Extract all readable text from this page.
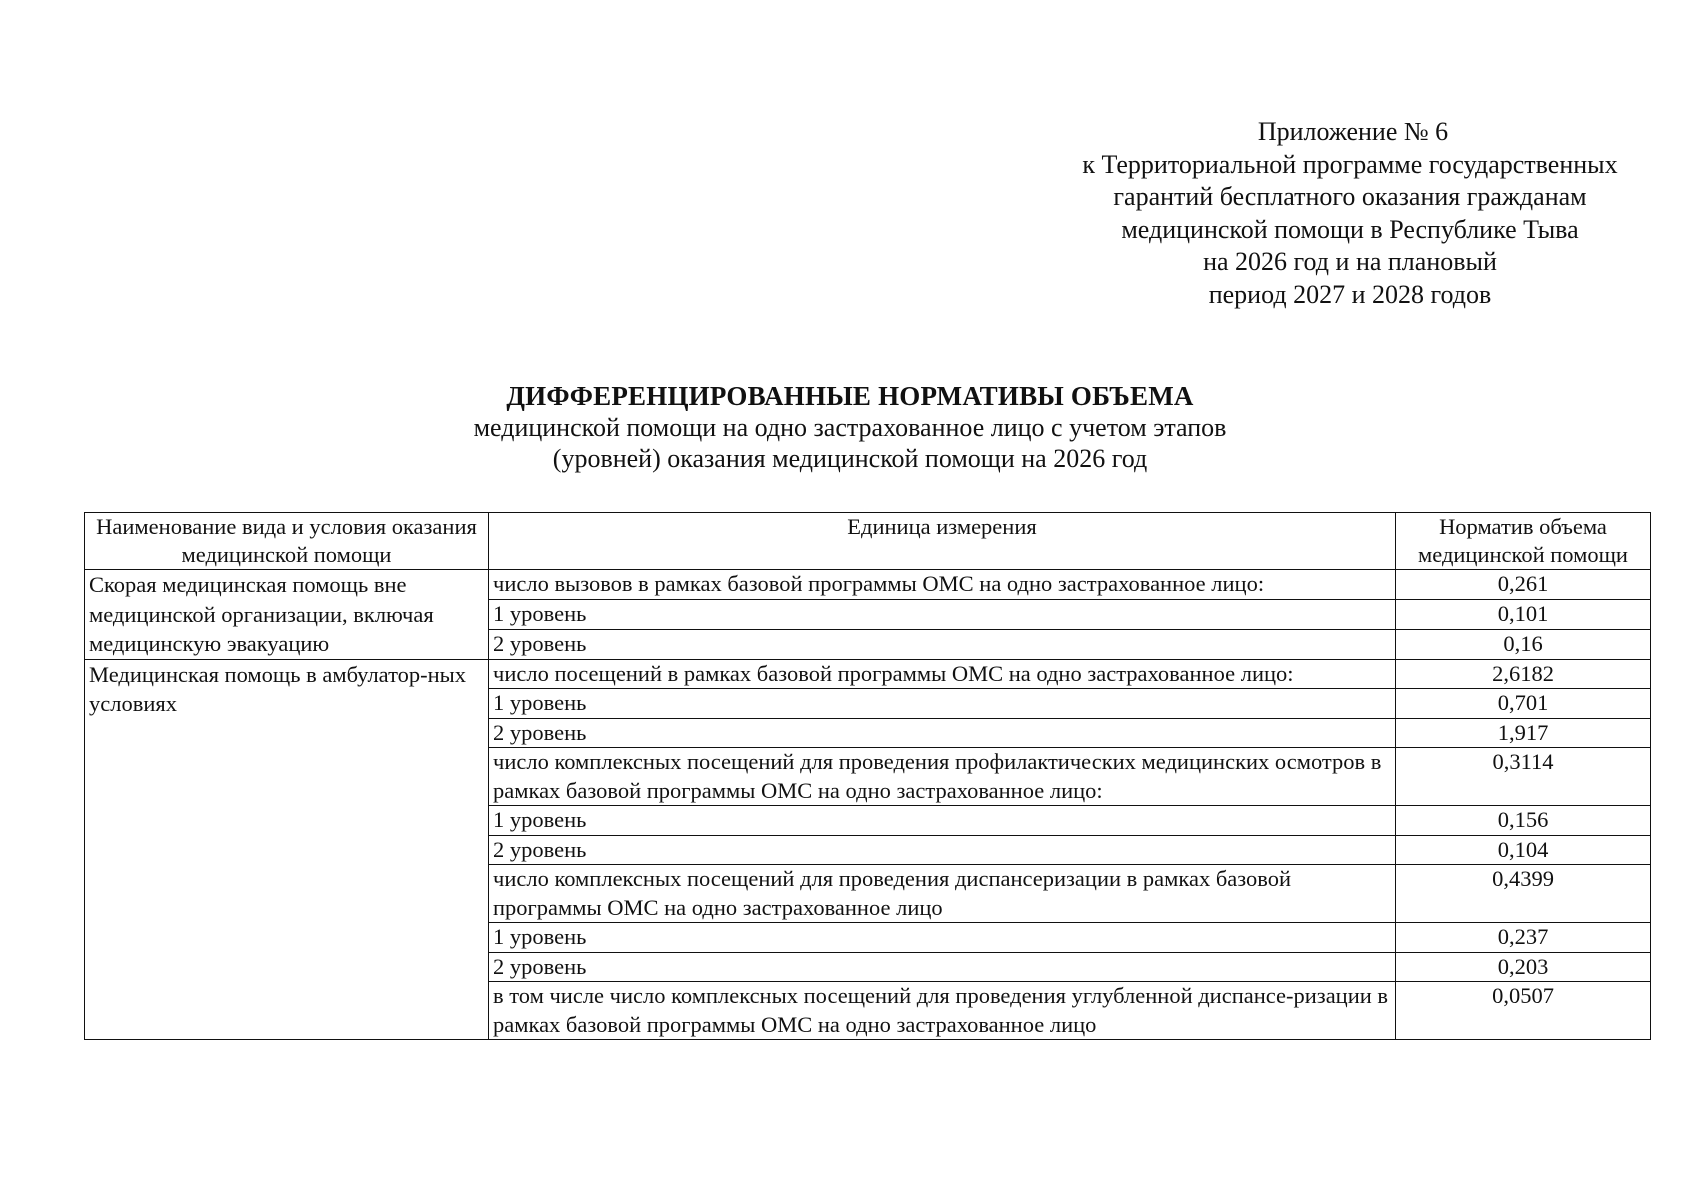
Приложение № 6
к Территориальной программе государственных
гарантий бесплатного оказания гражданам
медицинской помощи в Республике Тыва
на 2026 год и на плановый
период 2027 и 2028 годов
ДИФФЕРЕНЦИРОВАННЫЕ НОРМАТИВЫ ОБЪЕМА
медицинской помощи на одно застрахованное лицо с учетом этапов
(уровней) оказания медицинской помощи на 2026 год
Наименование вида и условия оказания медицинской помощи	Единица измерения	Норматив объема медицинской помощи
Скорая медицинская помощь вне медицинской организации, включая медицинскую эвакуацию	число вызовов в рамках базовой программы ОМС на одно застрахованное лицо:	0,261
	1 уровень	0,101
	2 уровень	0,16
Медицинская помощь в амбулатор-ных условиях	число посещений в рамках базовой программы ОМС на одно застрахованное лицо:	2,6182
	1 уровень	0,701
	2 уровень	1,917
	число комплексных посещений для проведения профилактических медицинских осмотров в рамках базовой программы ОМС на одно застрахованное лицо:	0,3114
	1 уровень	0,156
	2 уровень	0,104
	число комплексных посещений для проведения диспансеризации в рамках базовой программы ОМС на одно застрахованное лицо	0,4399
	1 уровень	0,237
	2 уровень	0,203
	в том числе число комплексных посещений для проведения углубленной диспансе-ризации в рамках базовой программы ОМС на одно застрахованное лицо	0,0507
